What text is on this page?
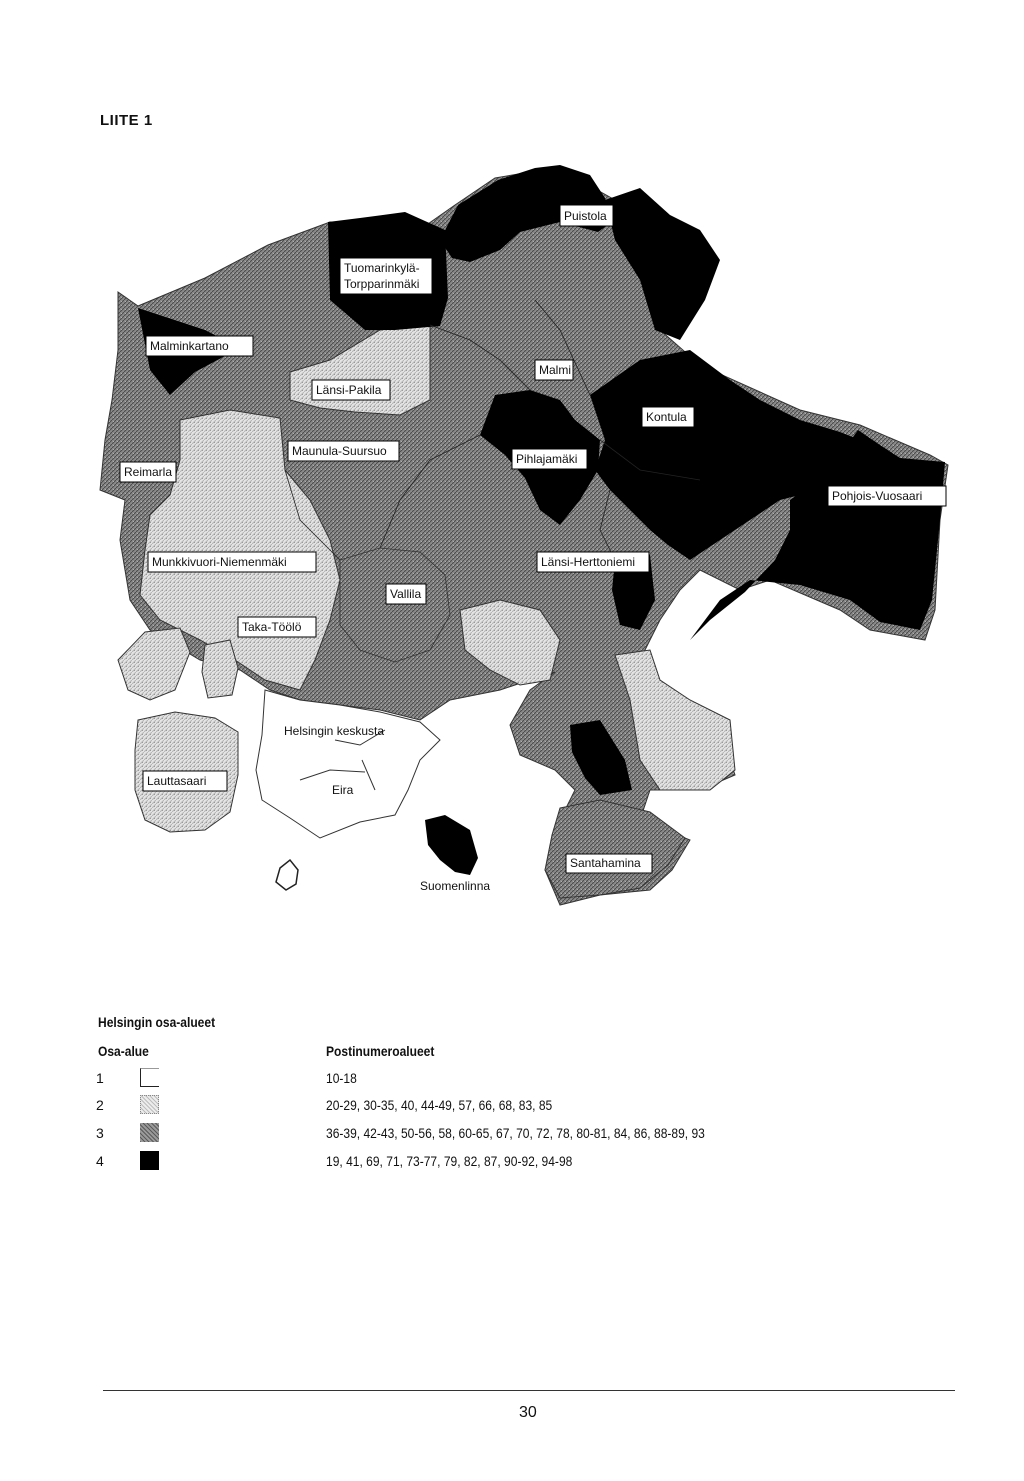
LIITE 1
Puistola
Tuomarinkylä-
Torpparinmäki
Malminkartano
Länsi-Pakila
Malmi
Kontula
Maunula-Suursuo
Pihlajamäki
Reimarla
Pohjois-Vuosaari
Munkkivuori-Niemenmäki	Länsi-Herttoniemi
Vallila
Taka-Töölö
Helsingin keskusta
Lauttasaari
Eira
Santahamina
Suomenlinna
Helsingin osa-alueet
Osa-alue	Postinumeroalueet
1	10-18
2	20-29, 30-35, 40, 44-49, 57, 66, 68, 83, 85
3	36-39, 42-43, 50-56, 58, 60-65, 67, 70, 72, 78, 80-81, 84, 86, 88-89, 93
4	19, 41, 69, 71, 73-77, 79, 82, 87, 90-92, 94-98
30
